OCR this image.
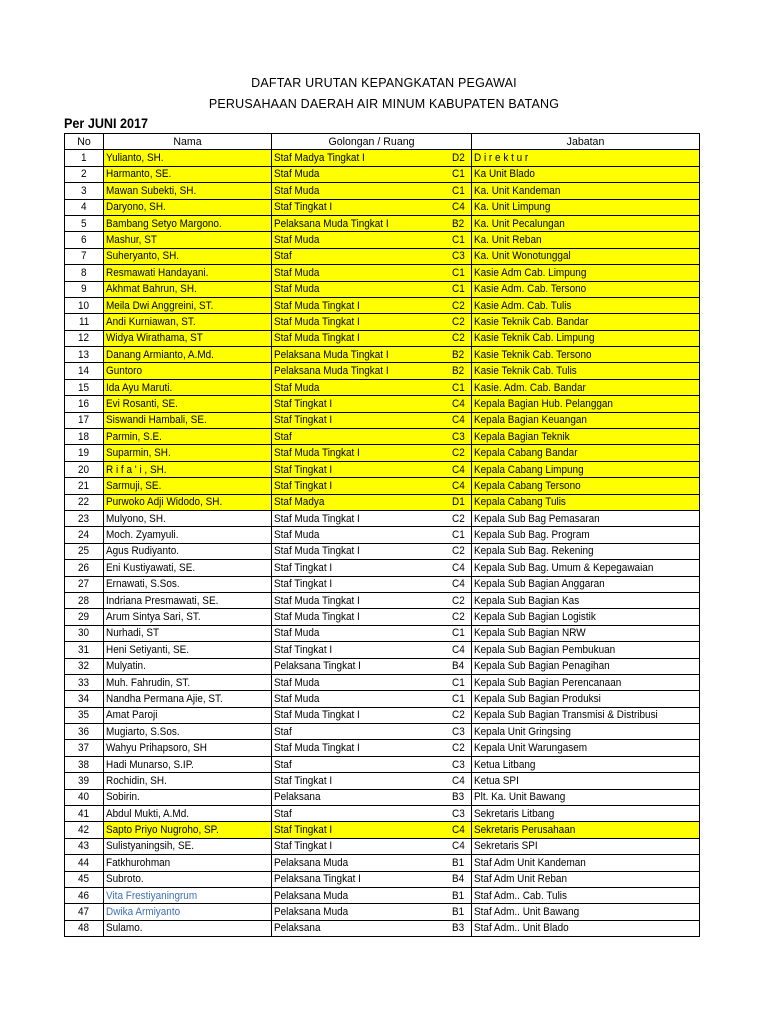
DAFTAR URUTAN KEPANGKATAN PEGAWAI
PERUSAHAAN DAERAH AIR MINUM KABUPATEN BATANG
Per JUNI 2017
No	Nama	Golongan / Ruang		Jabatan
1	Yulianto, SH.	Staf Madya Tingkat I	D2	D i r e k t u r
2	Harmanto, SE.	Staf Muda	C1	Ka Unit Blado
3	Mawan Subekti, SH.	Staf Muda	C1	Ka. Unit Kandeman
4	Daryono, SH.	Staf Tingkat I	C4	Ka. Unit Limpung
5	Bambang Setyo Margono.	Pelaksana Muda Tingkat I	B2	Ka. Unit Pecalungan
6	Mashur, ST	Staf Muda	C1	Ka. Unit Reban
7	Suheryanto, SH.	Staf	C3	Ka. Unit Wonotunggal
8	Resmawati Handayani.	Staf Muda	C1	Kasie Adm Cab. Limpung
9	Akhmat Bahrun, SH.	Staf Muda	C1	Kasie Adm. Cab. Tersono
10	Meila Dwi Anggreini, ST.	Staf Muda Tingkat I	C2	Kasie Adm. Cab. Tulis
11	Andi Kurniawan, ST.	Staf Muda Tingkat I	C2	Kasie Teknik Cab. Bandar
12	Widya Wirathama, ST	Staf Muda Tingkat I	C2	Kasie Teknik Cab. Limpung
13	Danang Armianto, A.Md.	Pelaksana Muda Tingkat I	B2	Kasie Teknik Cab. Tersono
14	Guntoro	Pelaksana Muda Tingkat I	B2	Kasie Teknik Cab. Tulis
15	Ida Ayu Maruti.	Staf Muda	C1	Kasie. Adm. Cab. Bandar
16	Evi Rosanti, SE.	Staf Tingkat I	C4	Kepala Bagian Hub. Pelanggan
17	Siswandi Hambali, SE.	Staf Tingkat I	C4	Kepala Bagian Keuangan
18	Parmin, S.E.	Staf	C3	Kepala Bagian Teknik
19	Suparmin, SH.	Staf Muda Tingkat I	C2	Kepala Cabang Bandar
20	R i f a ' i , SH.	Staf Tingkat I	C4	Kepala Cabang Limpung
21	Sarmuji, SE.	Staf Tingkat I	C4	Kepala Cabang Tersono
22	Purwoko Adji Widodo, SH.	Staf Madya	D1	Kepala Cabang Tulis
23	Mulyono, SH.	Staf Muda Tingkat I	C2	Kepala Sub Bag Pemasaran
24	Moch. Zyamyuli.	Staf Muda	C1	Kepala Sub Bag. Program
25	Agus Rudiyanto.	Staf Muda Tingkat I	C2	Kepala Sub Bag. Rekening
26	Eni Kustiyawati, SE.	Staf Tingkat I	C4	Kepala Sub Bag. Umum & Kepegawaian
27	Ernawati, S.Sos.	Staf Tingkat I	C4	Kepala Sub Bagian Anggaran
28	Indriana Presmawati, SE.	Staf Muda Tingkat I	C2	Kepala Sub Bagian Kas
29	Arum Sintya Sari, ST.	Staf Muda Tingkat I	C2	Kepala Sub Bagian Logistik
30	Nurhadi, ST	Staf Muda	C1	Kepala Sub Bagian NRW
31	Heni Setiyanti, SE.	Staf Tingkat I	C4	Kepala Sub Bagian Pembukuan
32	Mulyatin.	Pelaksana Tingkat I	B4	Kepala Sub Bagian Penagihan
33	Muh. Fahrudin, ST.	Staf Muda	C1	Kepala Sub Bagian Perencanaan
34	Nandha Permana Ajie, ST.	Staf Muda	C1	Kepala Sub Bagian Produksi
35	Amat Paroji	Staf Muda Tingkat I	C2	Kepala Sub Bagian Transmisi & Distribusi
36	Mugiarto, S.Sos.	Staf	C3	Kepala Unit Gringsing
37	Wahyu Prihapsoro, SH	Staf Muda Tingkat I	C2	Kepala Unit Warungasem
38	Hadi Munarso, S.IP.	Staf	C3	Ketua Litbang
39	Rochidin, SH.	Staf Tingkat I	C4	Ketua SPI
40	Sobirin.	Pelaksana	B3	Plt. Ka. Unit Bawang
41	Abdul Mukti, A.Md.	Staf	C3	Sekretaris Litbang
42	Sapto Priyo Nugroho, SP.	Staf Tingkat I	C4	Sekretaris Perusahaan
43	Sulistyaningsih, SE.	Staf Tingkat I	C4	Sekretaris SPI
44	Fatkhurohman	Pelaksana Muda	B1	Staf Adm Unit Kandeman
45	Subroto.	Pelaksana Tingkat I	B4	Staf Adm Unit Reban
46	Vita Frestiyaningrum	Pelaksana Muda	B1	Staf Adm.. Cab. Tulis
47	Dwika Armiyanto	Pelaksana Muda	B1	Staf Adm.. Unit Bawang
48	Sulamo.	Pelaksana	B3	Staf Adm.. Unit Blado
